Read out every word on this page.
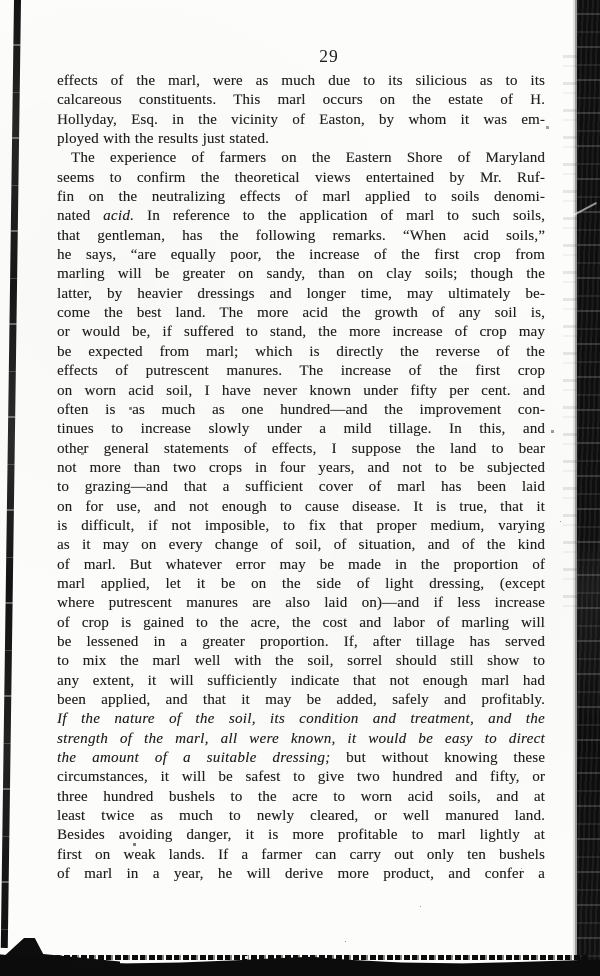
29
effects of the marl, were as much due to its silicious as to its
calcareous constituents. This marl occurs on the estate of H.
Hollyday, Esq. in the vicinity of Easton, by whom it was em-
ployed with the results just stated.
The experience of farmers on the Eastern Shore of Maryland
seems to confirm the theoretical views entertained by Mr. Ruf-
fin on the neutralizing effects of marl applied to soils denomi-
nated acid. In reference to the application of marl to such soils,
that gentleman, has the following remarks. “When acid soils,”
he says, “are equally poor, the increase of the first crop from
marling will be greater on sandy, than on clay soils; though the
latter, by heavier dressings and longer time, may ultimately be-
come the best land. The more acid the growth of any soil is,
or would be, if suffered to stand, the more increase of crop may
be expected from marl; which is directly the reverse of the
effects of putrescent manures. The increase of the first crop
on worn acid soil, I have never known under fifty per cent. and
often is as much as one hundred—and the improvement con-
tinues to increase slowly under a mild tillage. In this, and
other general statements of effects, I suppose the land to bear
not more than two crops in four years, and not to be subjected
to grazing—and that a sufficient cover of marl has been laid
on for use, and not enough to cause disease. It is true, that it
is difficult, if not imposible, to fix that proper medium, varying
as it may on every change of soil, of situation, and of the kind
of marl. But whatever error may be made in the proportion of
marl applied, let it be on the side of light dressing, (except
where putrescent manures are also laid on)—and if less increase
of crop is gained to the acre, the cost and labor of marling will
be lessened in a greater proportion. If, after tillage has served
to mix the marl well with the soil, sorrel should still show to
any extent, it will sufficiently indicate that not enough marl had
been applied, and that it may be added, safely and profitably.
If the nature of the soil, its condition and treatment, and the
strength of the marl, all were known, it would be easy to direct
the amount of a suitable dressing; but without knowing these
circumstances, it will be safest to give two hundred and fifty, or
three hundred bushels to the acre to worn acid soils, and at
least twice as much to newly cleared, or well manured land.
Besides avoiding danger, it is more profitable to marl lightly at
first on weak lands. If a farmer can carry out only ten bushels
of marl in a year, he will derive more product, and confer a
